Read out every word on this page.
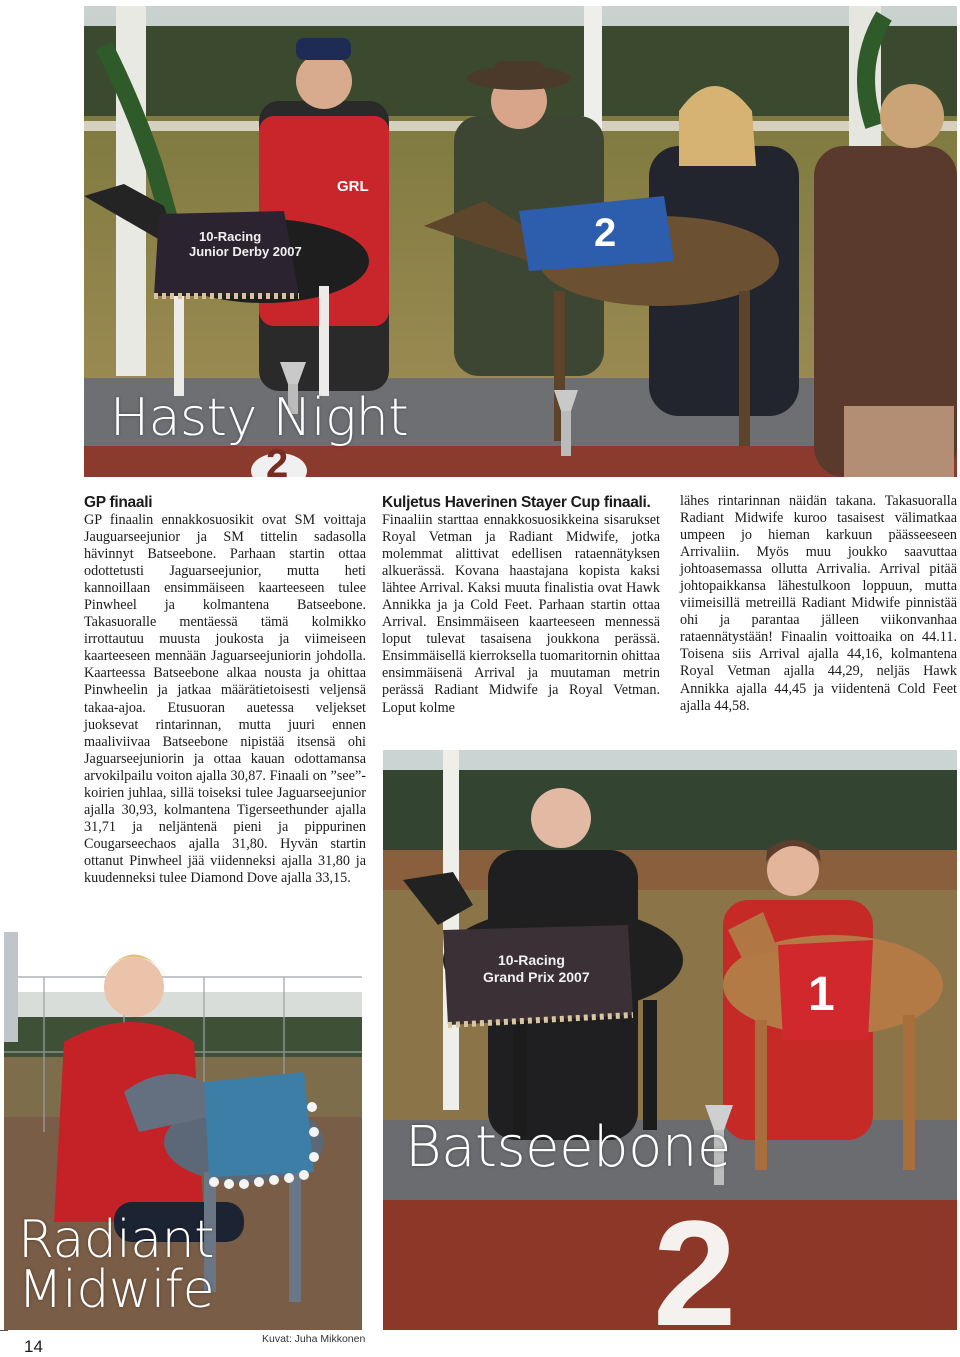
2
GRL
10-Racing Junior Derby 2007	2
Hasty Night
GP finaali

GP finaalin ennakkosuosikit ovat SM voittaja Jauguarseejunior ja SM tittelin sadasolla hävinnyt Batseebone. Parhaan startin ottaa odottetusti Jaguarseejunior, mutta heti kannoillaan ensimmäiseen kaarteeseen tulee Pinwheel ja kolmantena Batseebone. Takasuoralle mentäessä tämä kolmikko irrottautuu muusta joukosta ja viimeiseen kaarteeseen mennään Jaguarseejuniorin johdolla. Kaarteessa Batseebone alkaa nousta ja ohittaa Pinwheelin ja jatkaa määrätietoisesti veljensä takaa-ajoa. Etusuoran auetessa veljekset juoksevat rintarinnan, mutta juuri ennen maaliviivaa Batseebone nipistää itsensä ohi Jaguarseejuniorin ja ottaa kauan odottamansa arvokilpailu voiton ajalla 30,87. Finaali on ”see”- koirien juhlaa, sillä toiseksi tulee Jaguarseejunior ajalla 30,93, kolmantena Tigerseethunder ajalla 31,71 ja neljäntenä pieni ja pippurinen Cougarseechaos ajalla 31,80. Hyvän startin ottanut Pinwheel jää viidenneksi ajalla 31,80 ja kuudenneksi tulee Diamond Dove ajalla 33,15.

Kuljetus Haverinen Stayer Cup finaali.

Finaaliin starttaa ennakkosuosikkeina sisarukset Royal Vetman ja Radiant Midwife, jotka molemmat alittivat edellisen rataennätyksen alkuerässä. Kovana haastajana kopista kaksi lähtee Arrival. Kaksi muuta finalistia ovat Hawk Annikka ja ja Cold Feet. Parhaan startin ottaa Arrival. Ensimmäiseen kaarteeseen mennessä loput tulevat tasaisena joukkona perässä. Ensimmäisellä kierroksella tuomaritornin ohittaa ensimmäisenä Arrival ja muutaman metrin perässä Radiant Midwife ja Royal Vetman. Loput kolme

lähes rintarinnan näidän takana. Takasuoralla Radiant Midwife kuroo tasaisest välimatkaa umpeen jo hieman karkuun päässeeseen Arrivaliin. Myös muu joukko saavuttaa johtoasemassa ollutta Arrivalia. Arrival pitää johtopaikkansa lähestulkoon loppuun, mutta viimeisillä metreillä Radiant Midwife pinnistää ohi ja parantaa jälleen viikonvanhaa rataennätystään! Finaalin voittoaika on 44.11. Toisena siis Arrival ajalla 44,16, kolmantena Royal Vetman ajalla 44,29, neljäs Hawk Annikka ajalla 44,45 ja viidentenä Cold Feet ajalla 44,58.

2
10-Racing Grand Prix 2007	1
Batseebone
Radiant
Midwife
14	Kuvat: Juha Mikkonen
